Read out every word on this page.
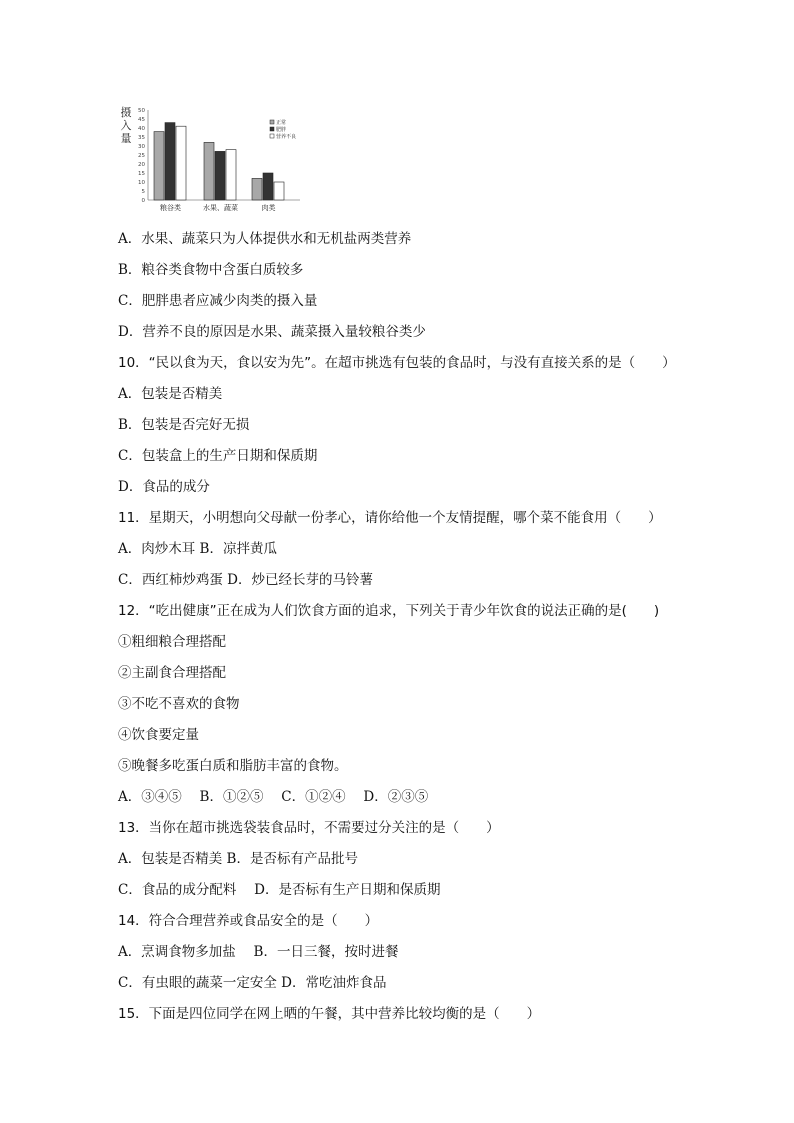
摄
入
量
0
5
10
15
20
25
30
35
40
45
50
粮谷类	水果、蔬菜	肉类
正常
肥胖
营养不良
A．水果、蔬菜只为人体提供水和无机盐两类营养
B．粮谷类食物中含蛋白质较多
C．肥胖患者应减少肉类的摄入量
D．营养不良的原因是水果、蔬菜摄入量较粮谷类少
10．“民以食为天，食以安为先”。在超市挑选有包装的食品时，与没有直接关系的是（　　）
A．包装是否精美
B．包装是否完好无损
C．包装盒上的生产日期和保质期
D．食品的成分
11．星期天，小明想向父母献一份孝心，请你给他一个友情提醒，哪个菜不能食用（　　）
A．肉炒木耳 B．凉拌黄瓜
C．西红柿炒鸡蛋 D．炒已经长芽的马铃薯
12．“吃出健康”正在成为人们饮食方面的追求，下列关于青少年饮食的说法正确的是(　　)
①粗细粮合理搭配
②主副食合理搭配
③不吃不喜欢的食物
④饮食要定量
⑤晚餐多吃蛋白质和脂肪丰富的食物。
A．③④⑤　 B．①②⑤　 C．①②④　 D．②③⑤
13．当你在超市挑选袋装食品时，不需要过分关注的是（　　）
A．包装是否精美 B．是否标有产品批号
C．食品的成分配料　 D．是否标有生产日期和保质期
14．符合合理营养或食品安全的是（　　）
A．烹调食物多加盐　 B．一日三餐，按时进餐
C．有虫眼的蔬菜一定安全 D．常吃油炸食品
15．下面是四位同学在网上晒的午餐，其中营养比较均衡的是（　　）
